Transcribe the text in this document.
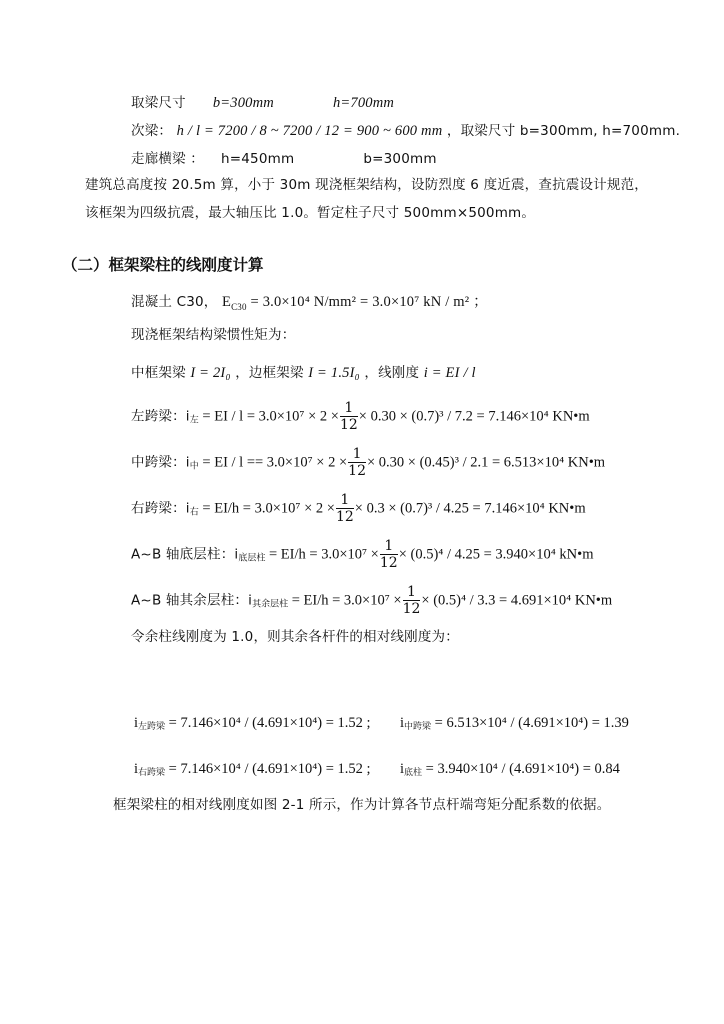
取梁尺寸 b=300mm	h=700mm
次梁： h / l = 7200 / 8 ~ 7200 / 12 = 900 ~ 600 mm ，取梁尺寸 b=300mm, h=700mm.
走廊横梁 ： h=450mm	b=300mm
建筑总高度按 20.5m 算，小于 30m 现浇框架结构，设防烈度 6 度近震，查抗震设计规范，
该框架为四级抗震，最大轴压比 1.0。暂定柱子尺寸 500mm×500mm。
（二）框架梁柱的线刚度计算
混凝土 C30， $E_{C30} = 3.0\times 10^4$ N/mm² = 3.0×10⁷ kN / m² ；
现浇框架结构梁惯性矩为：
中框架梁 I = 2I₀ ，边框架梁 I = 1.5I₀ ，线刚度 i = EI / l
左跨梁：i左 = EI / $l = 3.0\times 10^7 \times 2 \times \frac{1}{12} \times 0.30 \times (0.7)^3 / 7.2 = 7.146\times 10^4$ KN•m
中跨梁：i中 = EI / $l == 3.0\times 10^7 \times 2 \times \frac{1}{12} \times 0.30 \times (0.45)^3 / 2.1 = 6.513\times 10^4$ KN•m
右跨梁：i右 = $EI/h = 3.0\times 10^7 \times 2 \times \frac{1}{12} \times 0.3 \times (0.7)^3 / 4.25 = 7.146\times 10^4$ KN•m
A~B 轴底层柱：i底层柱 = $EI/h = 3.0\times 10^7 \times \frac{1}{12} \times (0.5)^4 / 4.25 = 3.940\times 10^4$ kN•m
A~B 轴其余层柱：i其余层柱 = $EI/h = 3.0\times 10^7 \times \frac{1}{12} \times (0.5)^4 / 3.3 = 4.691\times 10^4$ KN•m
令余柱线刚度为 1.0，则其余各杆件的相对线刚度为：
i左跨梁 = 7.146×10⁴ / (4.691×10⁴) = 1.52 ; i中跨梁 = 6.513×10⁴ / (4.691×10⁴) = 1.39
i右跨梁 = 7.146×10⁴ / (4.691×10⁴) = 1.52 ; i底柱 = 3.940×10⁴ / (4.691×10⁴) = 0.84
框架梁柱的相对线刚度如图 2-1 所示，作为计算各节点杆端弯矩分配系数的依据。
